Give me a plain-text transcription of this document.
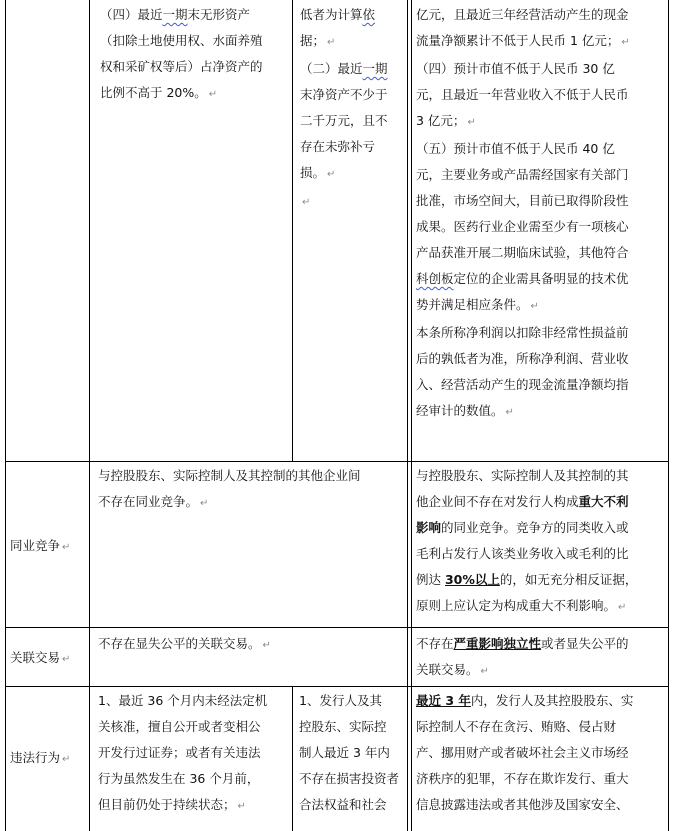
（四）最近一期末无形资产

（扣除土地使用权、水面养殖

权和采矿权等后）占净资产的

比例不高于 20%。 ↵

低者为计算依

据； ↵

（二）最近一期

末净资产不少于

二千万元，且不

存在未弥补亏

损。 ↵

↵

亿元，且最近三年经营活动产生的现金

流量净额累计不低于人民币 1 亿元； ↵

（四）预计市值不低于人民币 30 亿

元，且最近一年营业收入不低于人民币

3 亿元； ↵

（五）预计市值不低于人民币 40 亿

元，主要业务或产品需经国家有关部门

批准，市场空间大，目前已取得阶段性

成果。医药行业企业需至少有一项核心

产品获准开展二期临床试验，其他符合

科创板定位的企业需具备明显的技术优

势并满足相应条件。 ↵

本条所称净利润以扣除非经常性损益前

后的孰低者为准，所称净利润、营业收

入、经营活动产生的现金流量净额均指

经审计的数值。 ↵

同业竞争 ↵

与控股股东、实际控制人及其控制的其他企业间

不存在同业竞争。 ↵

与控股股东、实际控制人及其控制的其

他企业间不存在对发行人构成重大不利

影响的同业竞争。竞争方的同类收入或

毛利占发行人该类业务收入或毛利的比

例达 30%以上的，如无充分相反证据，

原则上应认定为构成重大不利影响。 ↵

关联交易 ↵

不存在显失公平的关联交易。 ↵	不存在严重影响独立性或者显失公平的

关联交易。 ↵

违法行为 ↵

1、最近 36 个月内未经法定机

关核准，擅自公开或者变相公

开发行过证券；或者有关违法

行为虽然发生在 36 个月前，

但目前仍处于持续状态； ↵

1、发行人及其

控股东、实际控

制人最近 3 年内

不存在损害投资者

合法权益和社会

最近 3 年内，发行人及其控股股东、实

际控制人不存在贪污、贿赂、侵占财

产、挪用财产或者破坏社会主义市场经

济秩序的犯罪，不存在欺诈发行、重大

信息披露违法或者其他涉及国家安全、
